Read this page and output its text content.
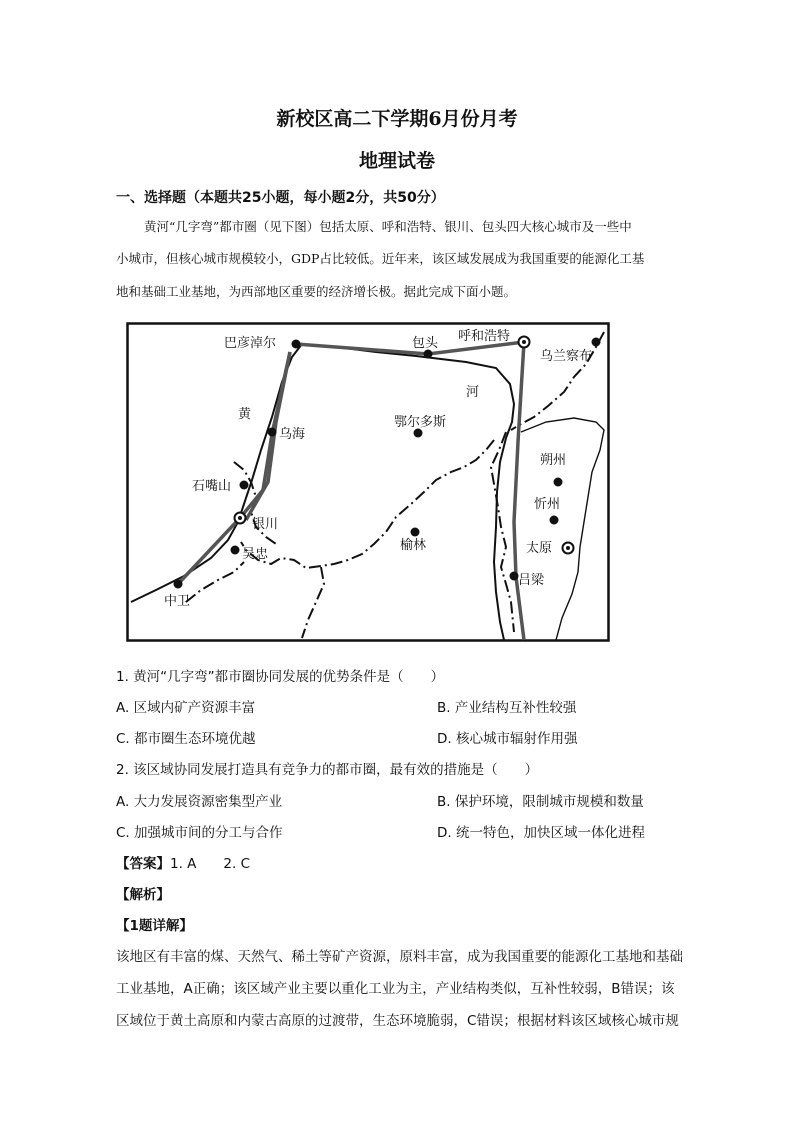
新校区高二下学期6月份月考
地理试卷
一、选择题（本题共25小题，每小题2分，共50分）
黄河“几字弯”都市圈（见下图）包括太原、呼和浩特、银川、包头四大核心城市及一些中
小城市，但核心城市规模较小，GDP占比较低。近年来，该区域发展成为我国重要的能源化工基
地和基础工业基地，为西部地区重要的经济增长极。据此完成下面小题。
巴彦淖尔	包头 呼和浩特
乌兰察布
黄
河
乌海
鄂尔多斯
朔州
石嘴山
忻州
银川
榆林	太原
吴忠
吕梁
中卫
1. 黄河“几字弯”都市圈协同发展的优势条件是（　　）
A. 区域内矿产资源丰富	B. 产业结构互补性较强
C. 都市圈生态环境优越	D. 核心城市辐射作用强
2. 该区域协同发展打造具有竞争力的都市圈，最有效的措施是（　　）
A. 大力发展资源密集型产业	B. 保护环境，限制城市规模和数量
C. 加强城市间的分工与合作	D. 统一特色，加快区域一体化进程
【答案】1. A　　2. C
【解析】
【1题详解】
该地区有丰富的煤、天然气、稀土等矿产资源，原料丰富，成为我国重要的能源化工基地和基础
工业基地，A正确；该区域产业主要以重化工业为主，产业结构类似，互补性较弱，B错误；该
区域位于黄土高原和内蒙古高原的过渡带，生态环境脆弱，C错误；根据材料该区域核心城市规
